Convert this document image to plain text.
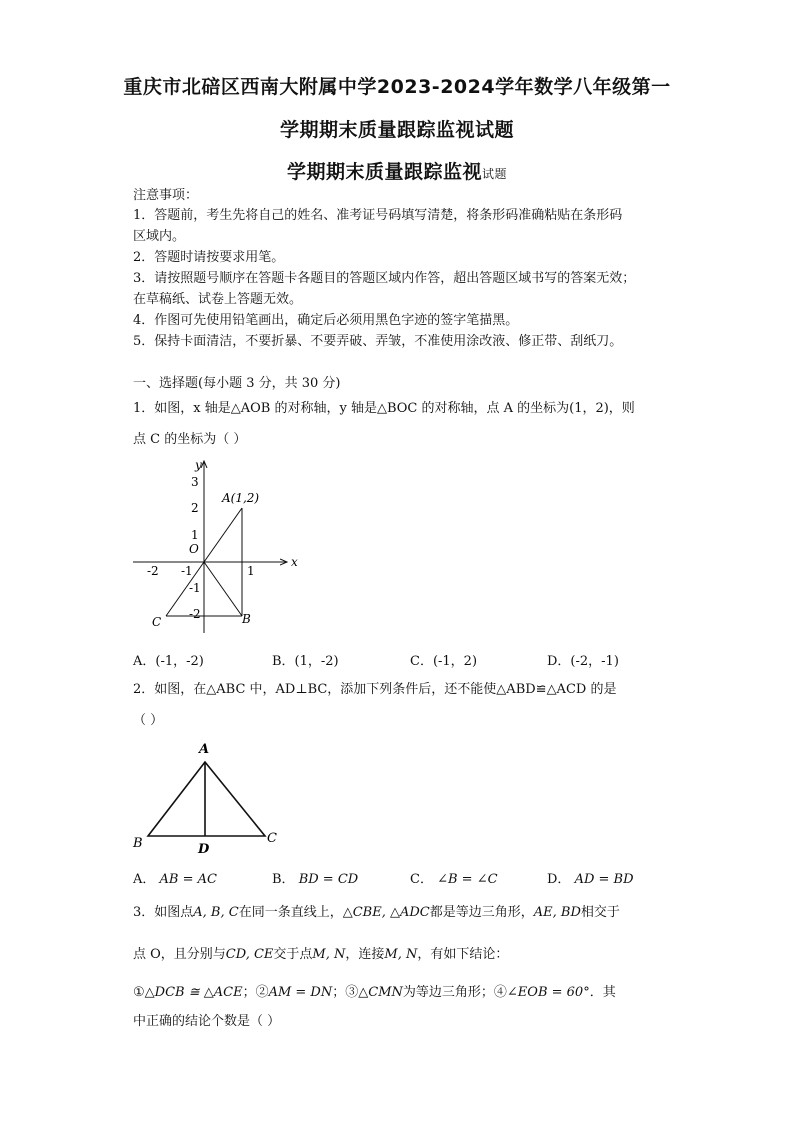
重庆市北碚区西南大附属中学2023-2024学年数学八年级第一
学期期末质量跟踪监视试题
学期期末质量跟踪监视试题
注意事项：
1．答题前，考生先将自己的姓名、准考证号码填写清楚，将条形码准确粘贴在条形码
区域内。
2．答题时请按要求用笔。
3．请按照题号顺序在答题卡各题目的答题区域内作答，超出答题区域书写的答案无效；
在草稿纸、试卷上答题无效。
4．作图可先使用铅笔画出，确定后必须用黑色字迹的签字笔描黑。
5．保持卡面清洁，不要折暴、不要弄破、弄皱，不准使用涂改液、修正带、刮纸刀。
一、选择题(每小题 3 分，共 30 分)
1．如图，x 轴是△AOB 的对称轴，y 轴是△BOC 的对称轴，点 A 的坐标为(1，2)，则
点 C 的坐标为（ ）
x
y
O
A(1,2)
B
C
-2 -1	1
3
2
1
-1
-2
A．(-1，-2)	B．(1，-2)	C．(-1，2)	D．(-2，-1)
2．如图，在△ABC 中，AD⊥BC，添加下列条件后，还不能使△ABD≌△ACD 的是
（ ）
A
B	C
D
A． AB = AC	B． BD = CD	C． ∠B = ∠C	D． AD = BD
3．如图点A, B, C在同一条直线上，△CBE, △ADC都是等边三角形，AE, BD相交于
点 O，且分别与CD, CE交于点M, N，连接M, N，有如下结论：
①△DCB ≅ △ACE；②AM = DN；③△CMN为等边三角形；④∠EOB = 60°．其
中正确的结论个数是（ ）
